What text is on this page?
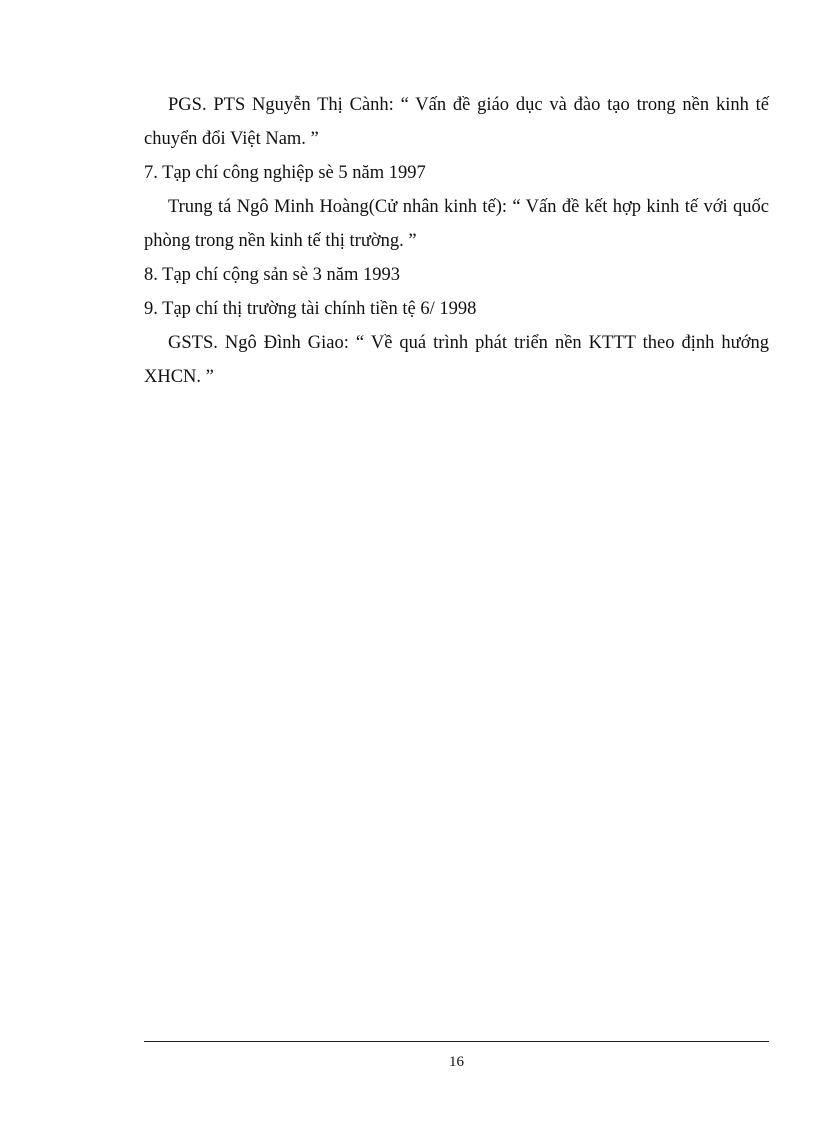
PGS. PTS Nguyễn Thị Cành: “ Vấn đề giáo dục và đào tạo trong nền kinh tế chuyển đổi Việt Nam. ”

7. Tạp chí công nghiệp sè 5 năm 1997

Trung tá Ngô Minh Hoàng(Cử nhân kinh tế): “ Vấn đề kết hợp kinh tế với quốc phòng trong nền kinh tế thị trường. ”

8. Tạp chí cộng sản sè 3 năm 1993

9. Tạp chí thị trường tài chính tiền tệ 6/ 1998

GSTS. Ngô Đình Giao: “ Về quá trình phát triển nền KTTT theo định hướng XHCN. ”

16
